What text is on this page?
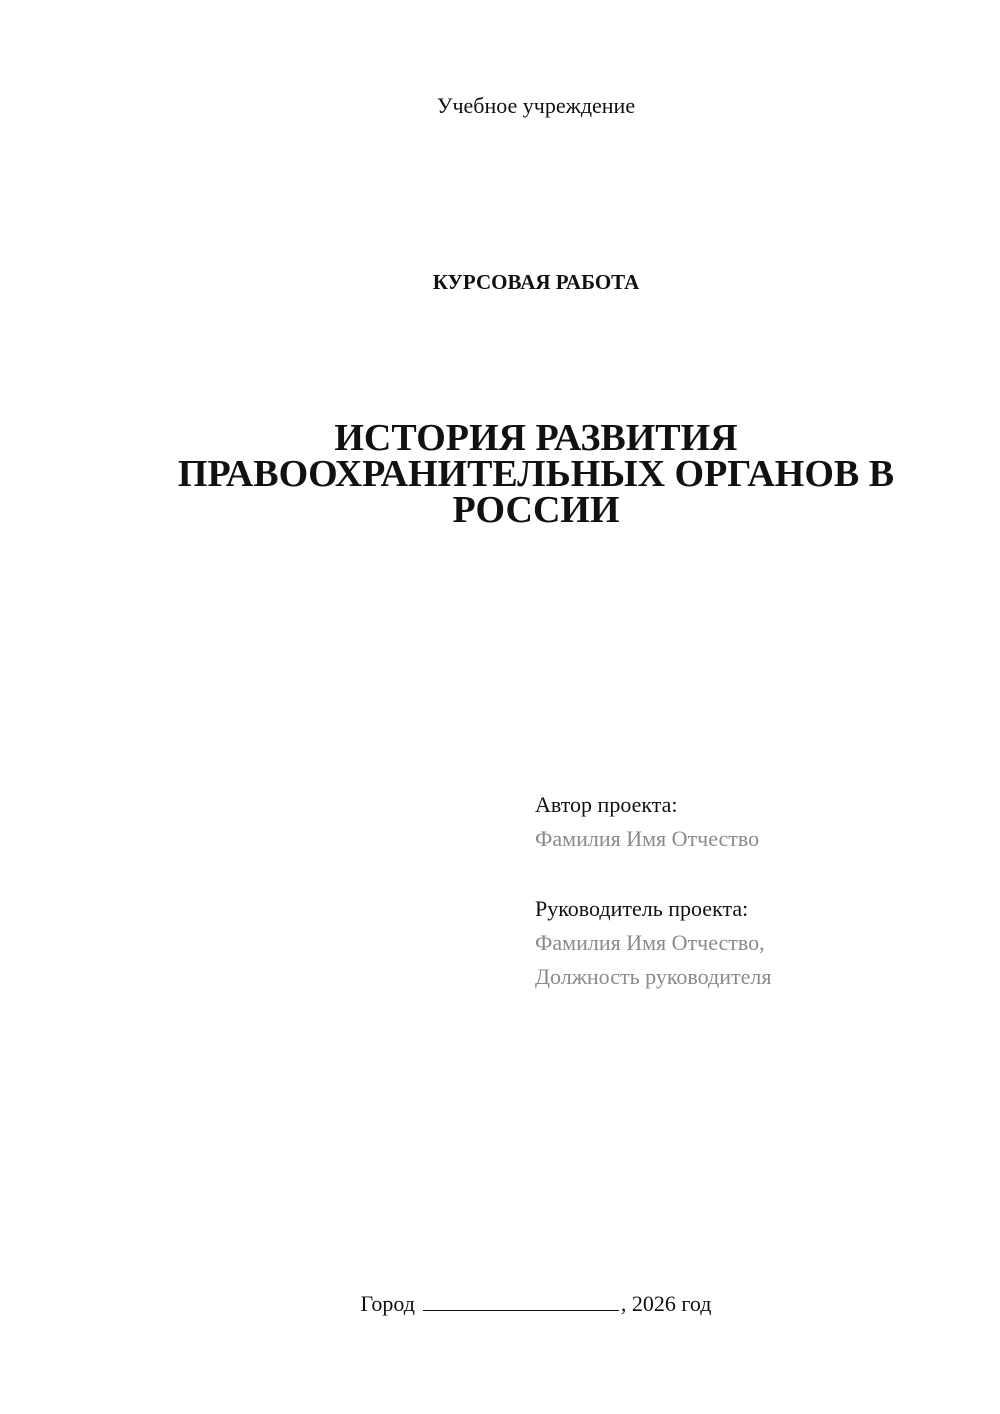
Учебное учреждение
КУРСОВАЯ РАБОТА
ИСТОРИЯ РАЗВИТИЯ
ПРАВООХРАНИТЕЛЬНЫХ ОРГАНОВ В
РОССИИ
Автор проекта:
Фамилия Имя Отчество
Руководитель проекта:
Фамилия Имя Отчество,
Должность руководителя
Город	, 2026 год
